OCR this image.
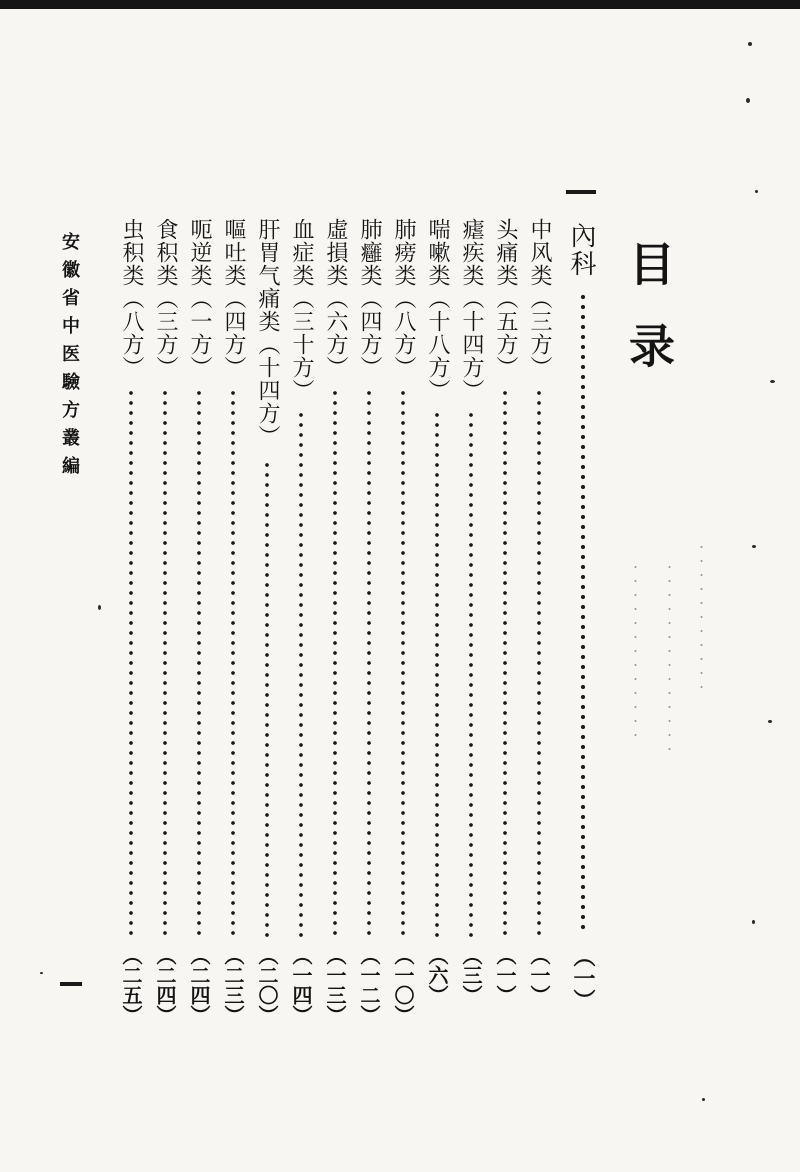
目录
內科
（一）
中风类（三方）
（一）
头痛类（五方）
（一）
瘧疾类（十四方）
（三）
喘嗽类（十八方）
（六）
肺痨类（八方）
（一〇）
肺癰类（四方）
（一二）
虛損类（六方）
（一三）
血症类（三十方）
（一四）
肝胃气痛类（十四方）
（二〇）
嘔吐类（四方）
（二三）
呃逆类（一方）
（二四）
食积类（三方）
（二四）
虫积类（八方）
（二五）
安徽省中医驗方叢編
